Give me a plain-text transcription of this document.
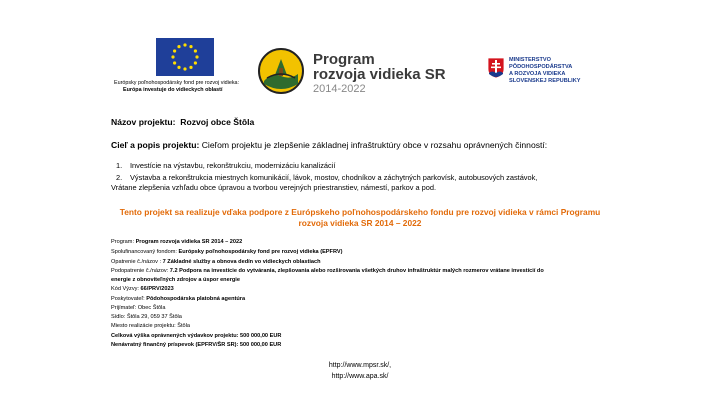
Európsky poľnohospodársky fond pre rozvoj vidieka:
Európa investuje do vidieckych oblastí
Program
rozvoja vidieka SR
2014-2022
MINISTERSTVO
PÔDOHOSPODÁRSTVA
A ROZVOJA VIDIEKA
SLOVENSKEJ REPUBLIKY
Názov projektu: Rozvoj obce Štôla
Cieľ a popis projektu: Cieľom projektu je zlepšenie základnej infraštruktúry obce v rozsahu oprávnených činností:
1. Investície na výstavbu, rekonštrukciu, modernizáciu kanalizácií
2. Výstavba a rekonštrukcia miestnych komunikácií, lávok, mostov, chodníkov a záchytných parkovísk, autobusových zastávok,
Vrátane zlepšenia vzhľadu obce úpravou a tvorbou verejných priestranstiev, námestí, parkov a pod.
Tento projekt sa realizuje vďaka podpore z Európskeho poľnohospodárskeho fondu pre rozvoj vidieka v rámci Programu
rozvoja vidieka SR 2014 – 2022
Program: Program rozvoja vidieka SR 2014 – 2022
Spolufinancovaný fondom: Európsky poľnohospodársky fond pre rozvoj vidieka (EPFRV)
Opatrenie č./názov : 7 Základné služby a obnova dedín vo vidieckych oblastiach
Podopatrenie č./názov: 7.2 Podpora na investície do vytvárania, zlepšovania alebo rozširovania všetkých druhov infraštruktúr malých rozmerov vrátane investícií do
energie z obnoviteľných zdrojov a úspor energie
Kód Výzvy: 66/PRV/2023
Poskytovateľ: Pôdohospodárska platobná agentúra
Prijímateľ: Obec Štôla
Sídlo: Štôla 29, 059 37 Štôla
Miesto realizácie projektu: Štôla
Celková výška oprávnených výdavkov projektu: 500 000,00 EUR
Nenávratný finančný príspevok (EPFRV/ŠR SR): 500 000,00 EUR
http://www.mpsr.sk/,
http://www.apa.sk/
